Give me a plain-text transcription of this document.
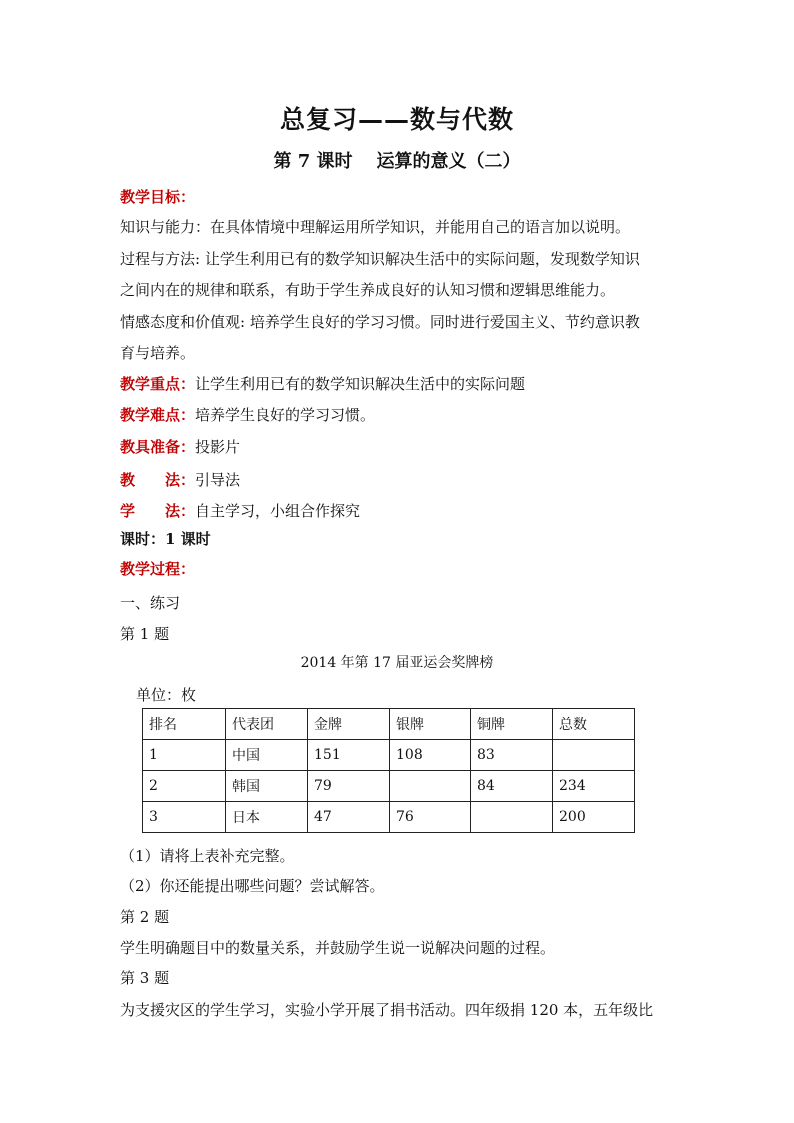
总复习——数与代数
第 7 课时 运算的意义（二）
教学目标：
知识与能力：在具体情境中理解运用所学知识，并能用自己的语言加以说明。
过程与方法: 让学生利用已有的数学知识解决生活中的实际问题，发现数学知识
之间内在的规律和联系，有助于学生养成良好的认知习惯和逻辑思维能力。
情感态度和价值观: 培养学生良好的学习习惯。同时进行爱国主义、节约意识教
育与培养。
教学重点：让学生利用已有的数学知识解决生活中的实际问题
教学难点：培养学生良好的学习习惯。
教具准备：投影片
教　　法：引导法
学　　法：自主学习，小组合作探究
课时：1 课时
教学过程：
一、练习
第 1 题
2014 年第 17 届亚运会奖牌榜
单位：枚
排名	代表团	金牌	银牌	铜牌	总数
1	中国	151	108	83	
2	韩国	79		84	234
3	日本	47	76		200
（1）请将上表补充完整。
（2）你还能提出哪些问题？尝试解答。
第 2 题
学生明确题目中的数量关系，并鼓励学生说一说解决问题的过程。
第 3 题
为支援灾区的学生学习，实验小学开展了捐书活动。四年级捐 120 本，五年级比
